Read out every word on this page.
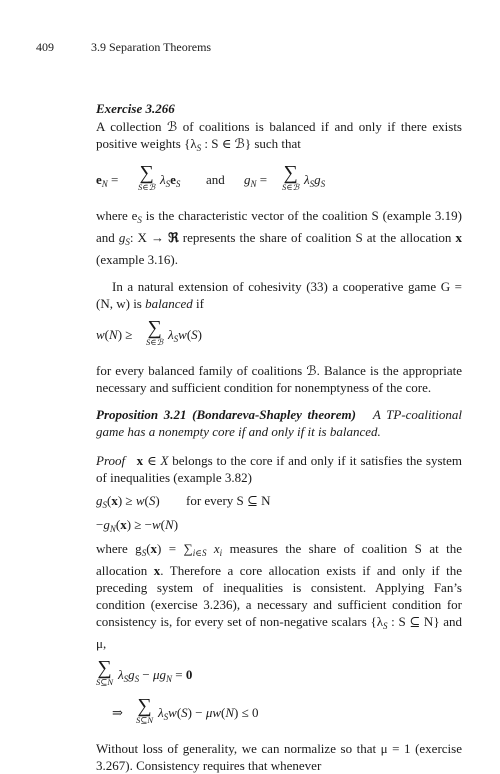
409	3.9 Separation Theorems

Exercise 3.266

A collection ℬ of coalitions is balanced if and only if there exists positive weights {$\lambda_S$ : S ∈ ℬ} such that

$e_N$ = ∑
S∈ℬ $\lambda_Se_S$ and $g_N$ = ∑
S∈ℬ $\lambda_Sg_S$

where $e_S$ is the characteristic vector of the coalition S (example 3.19) and $g_S$: X → ℜ represents the share of coalition S at the allocation x (example 3.16).

In a natural extension of cohesivity (33) a cooperative game G = (N, w) is balanced if

w(N) ≥ ∑
S∈ℬ $\lambda_Sw(S)$

for every balanced family of coalitions ℬ. Balance is the appropriate necessary and sufficient condition for nonemptyness of the core.

Proposition 3.21 (Bondareva-Shapley theorem) A TP-coalitional game has a nonempty core if and only if it is balanced.

Proof x ∈ X belongs to the core if and only if it satisfies the system of inequalities (example 3.82)

$g_S(x) \ge w(S)$ for every S ⊆ N
$-g_N(x) \ge -w(N)$

where $g_S(x) = \sum_{i\in S}$ $x_i$ measures the share of coalition S at the allocation x. Therefore a core allocation exists if and only if the preceding system of inequalities is consistent. Applying Fan’s condition (exercise 3.236), a necessary and sufficient condition for consistency is, for every set of non-negative scalars {$\lambda_S$ : S ⊆ N} and μ,

∑
S⊆N $\lambda_Sg_S - \mu g_N = 0$
⇒ ∑
S⊆N $\lambda_Sw(S) - \mu w(N) \le 0$

Without loss of generality, we can normalize so that μ = 1 (exercise 3.267). Consistency requires that whenever
